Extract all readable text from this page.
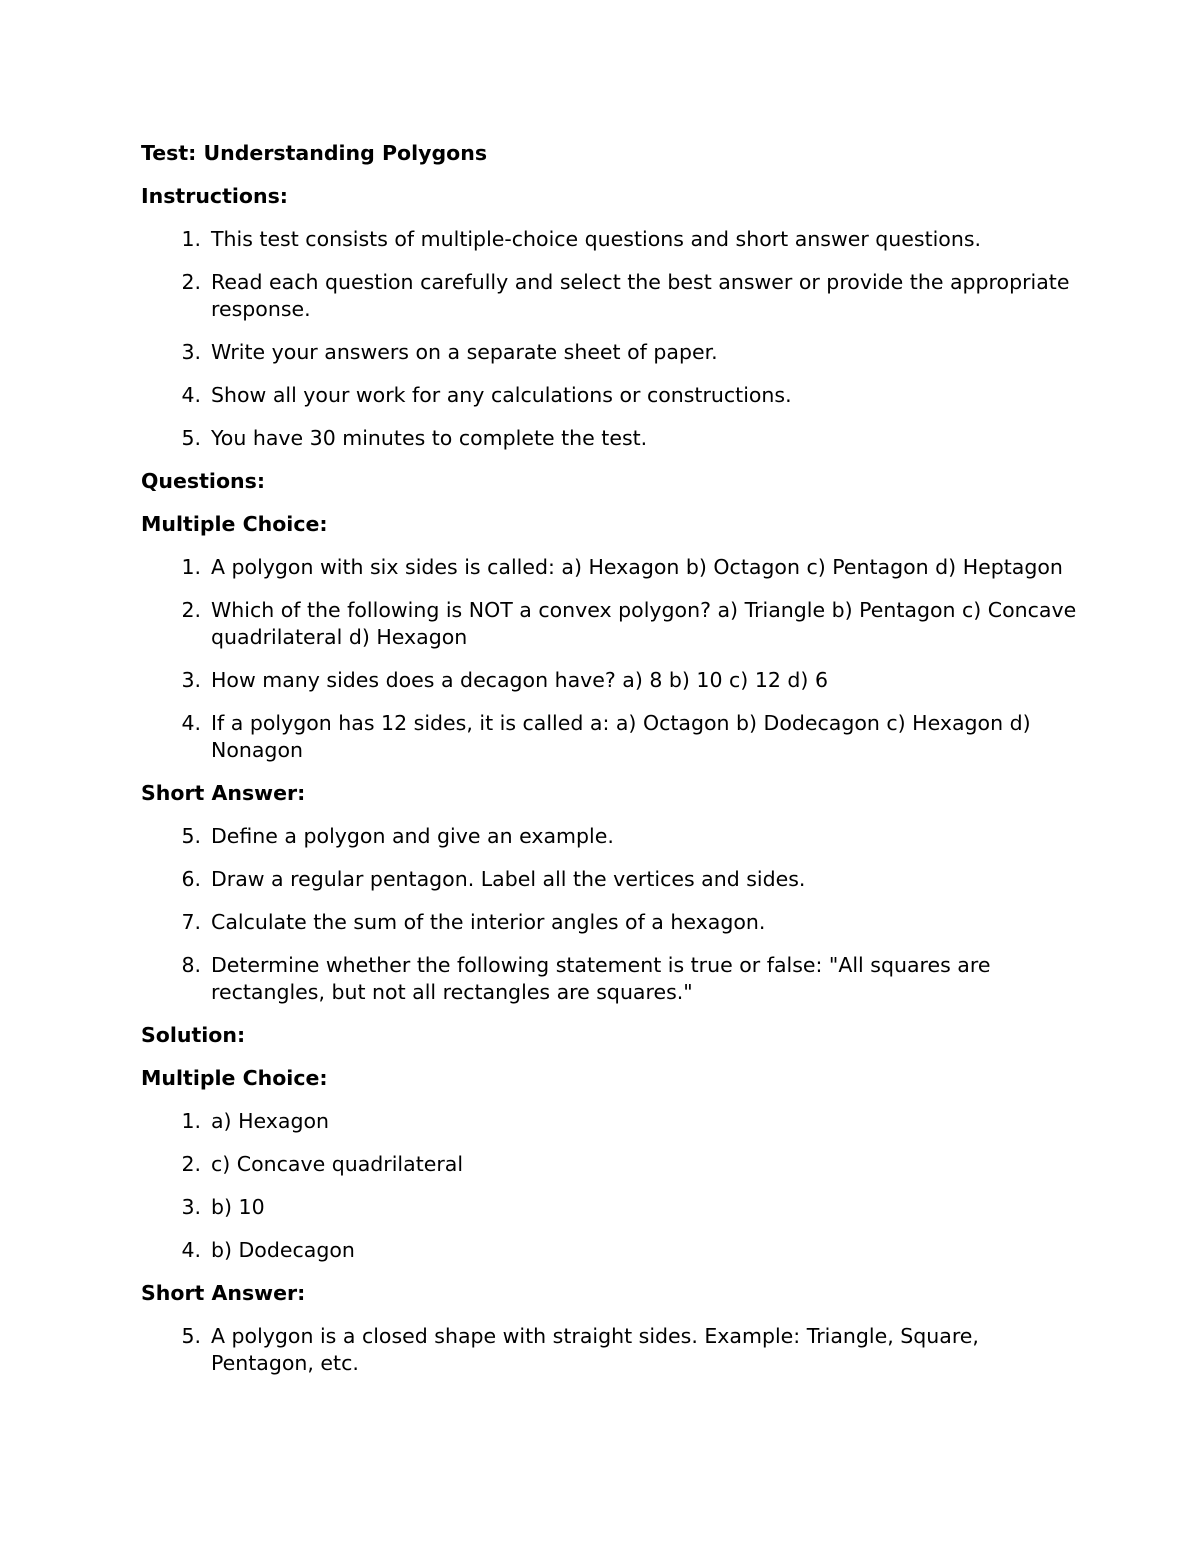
Test: Understanding Polygons
Instructions:
1. This test consists of multiple-choice questions and short answer questions.
2. Read each question carefully and select the best answer or provide the appropriate response.
3. Write your answers on a separate sheet of paper.
4. Show all your work for any calculations or constructions.
5. You have 30 minutes to complete the test.
Questions:
Multiple Choice:
1. A polygon with six sides is called: a) Hexagon b) Octagon c) Pentagon d) Heptagon
2. Which of the following is NOT a convex polygon? a) Triangle b) Pentagon c) Concave quadrilateral d) Hexagon
3. How many sides does a decagon have? a) 8 b) 10 c) 12 d) 6
4. If a polygon has 12 sides, it is called a: a) Octagon b) Dodecagon c) Hexagon d) Nonagon
Short Answer:
5. Define a polygon and give an example.
6. Draw a regular pentagon. Label all the vertices and sides.
7. Calculate the sum of the interior angles of a hexagon.
8. Determine whether the following statement is true or false: "All squares are rectangles, but not all rectangles are squares."
Solution:
Multiple Choice:
1. a) Hexagon
2. c) Concave quadrilateral
3. b) 10
4. b) Dodecagon
Short Answer:
5. A polygon is a closed shape with straight sides. Example: Triangle, Square, Pentagon, etc.
